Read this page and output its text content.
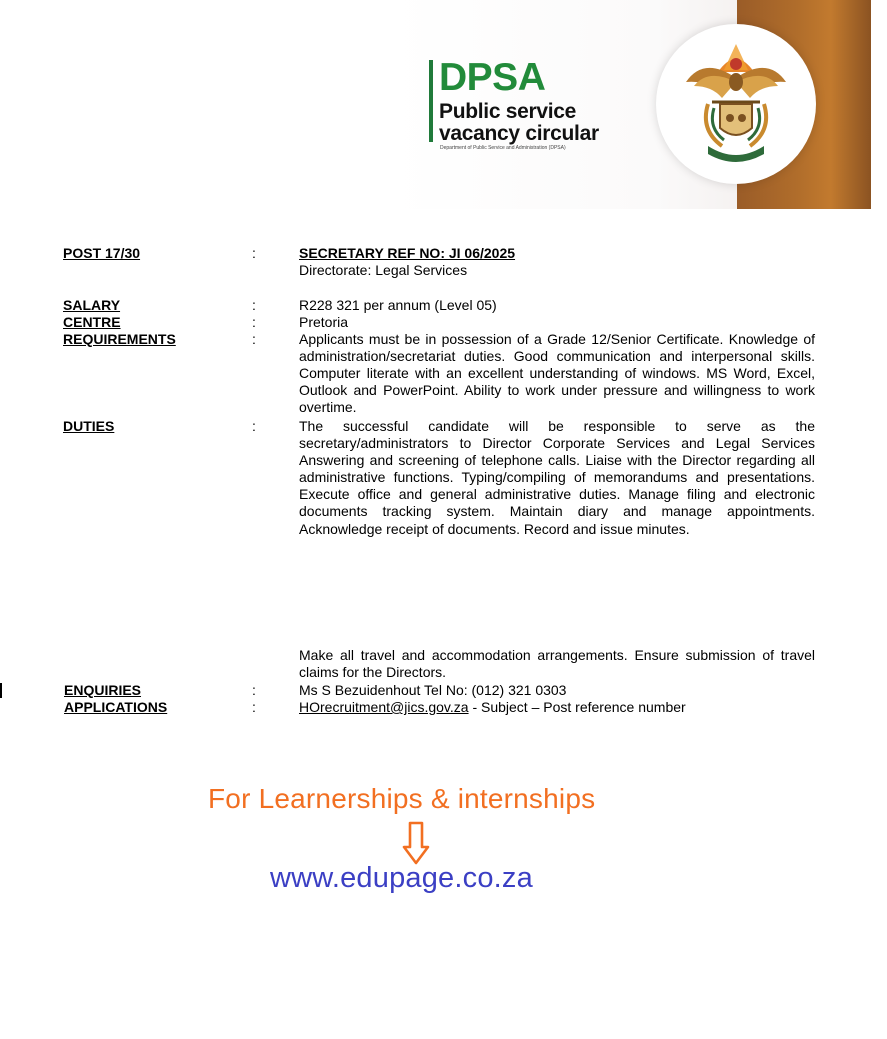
DPSA
Public service
vacancy circular
Department of Public Service and Administration (DPSA)
POST 17/30	:	SECRETARY REF NO: JI 06/2025
Directorate: Legal Services
SALARY	:	R228 321 per annum (Level 05)
CENTRE	:	Pretoria
REQUIREMENTS	:	Applicants must be in possession of a Grade 12/Senior Certificate. Knowledge of administration/secretariat duties. Good communication and interpersonal skills. Computer literate with an excellent understanding of windows. MS Word, Excel, Outlook and PowerPoint. Ability to work under pressure and willingness to work overtime.
DUTIES	:	The successful candidate will be responsible to serve as the secretary/administrators to Director Corporate Services and Legal Services Answering and screening of telephone calls. Liaise with the Director regarding all administrative functions. Typing/compiling of memorandums and presentations. Execute office and general administrative duties. Manage filing and electronic documents tracking system. Maintain diary and manage appointments. Acknowledge receipt of documents. Record and issue minutes.
Make all travel and accommodation arrangements. Ensure submission of travel claims for the Directors.
ENQUIRIES	:	Ms S Bezuidenhout Tel No: (012) 321 0303
APPLICATIONS	:	HOrecruitment@jics.gov.za - Subject – Post reference number
For Learnerships & internships
www.edupage.co.za
